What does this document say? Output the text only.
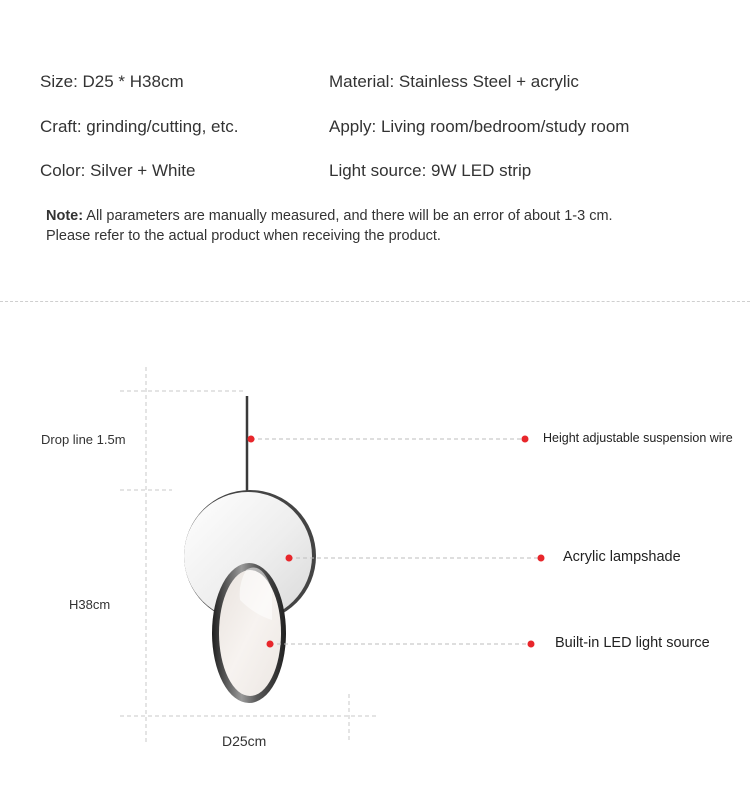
Size: D25 * H38cm	Material: Stainless Steel + acrylic
Craft: grinding/cutting, etc.	Apply: Living room/bedroom/study room
Color: Silver + White	Light source: 9W LED strip
Note: All parameters are manually measured, and there will be an error of about 1-3 cm.
Please refer to the actual product when receiving the product.
Drop line 1.5m
H38cm
D25cm
Height adjustable suspension wire
Acrylic lampshade
Built-in LED light source
